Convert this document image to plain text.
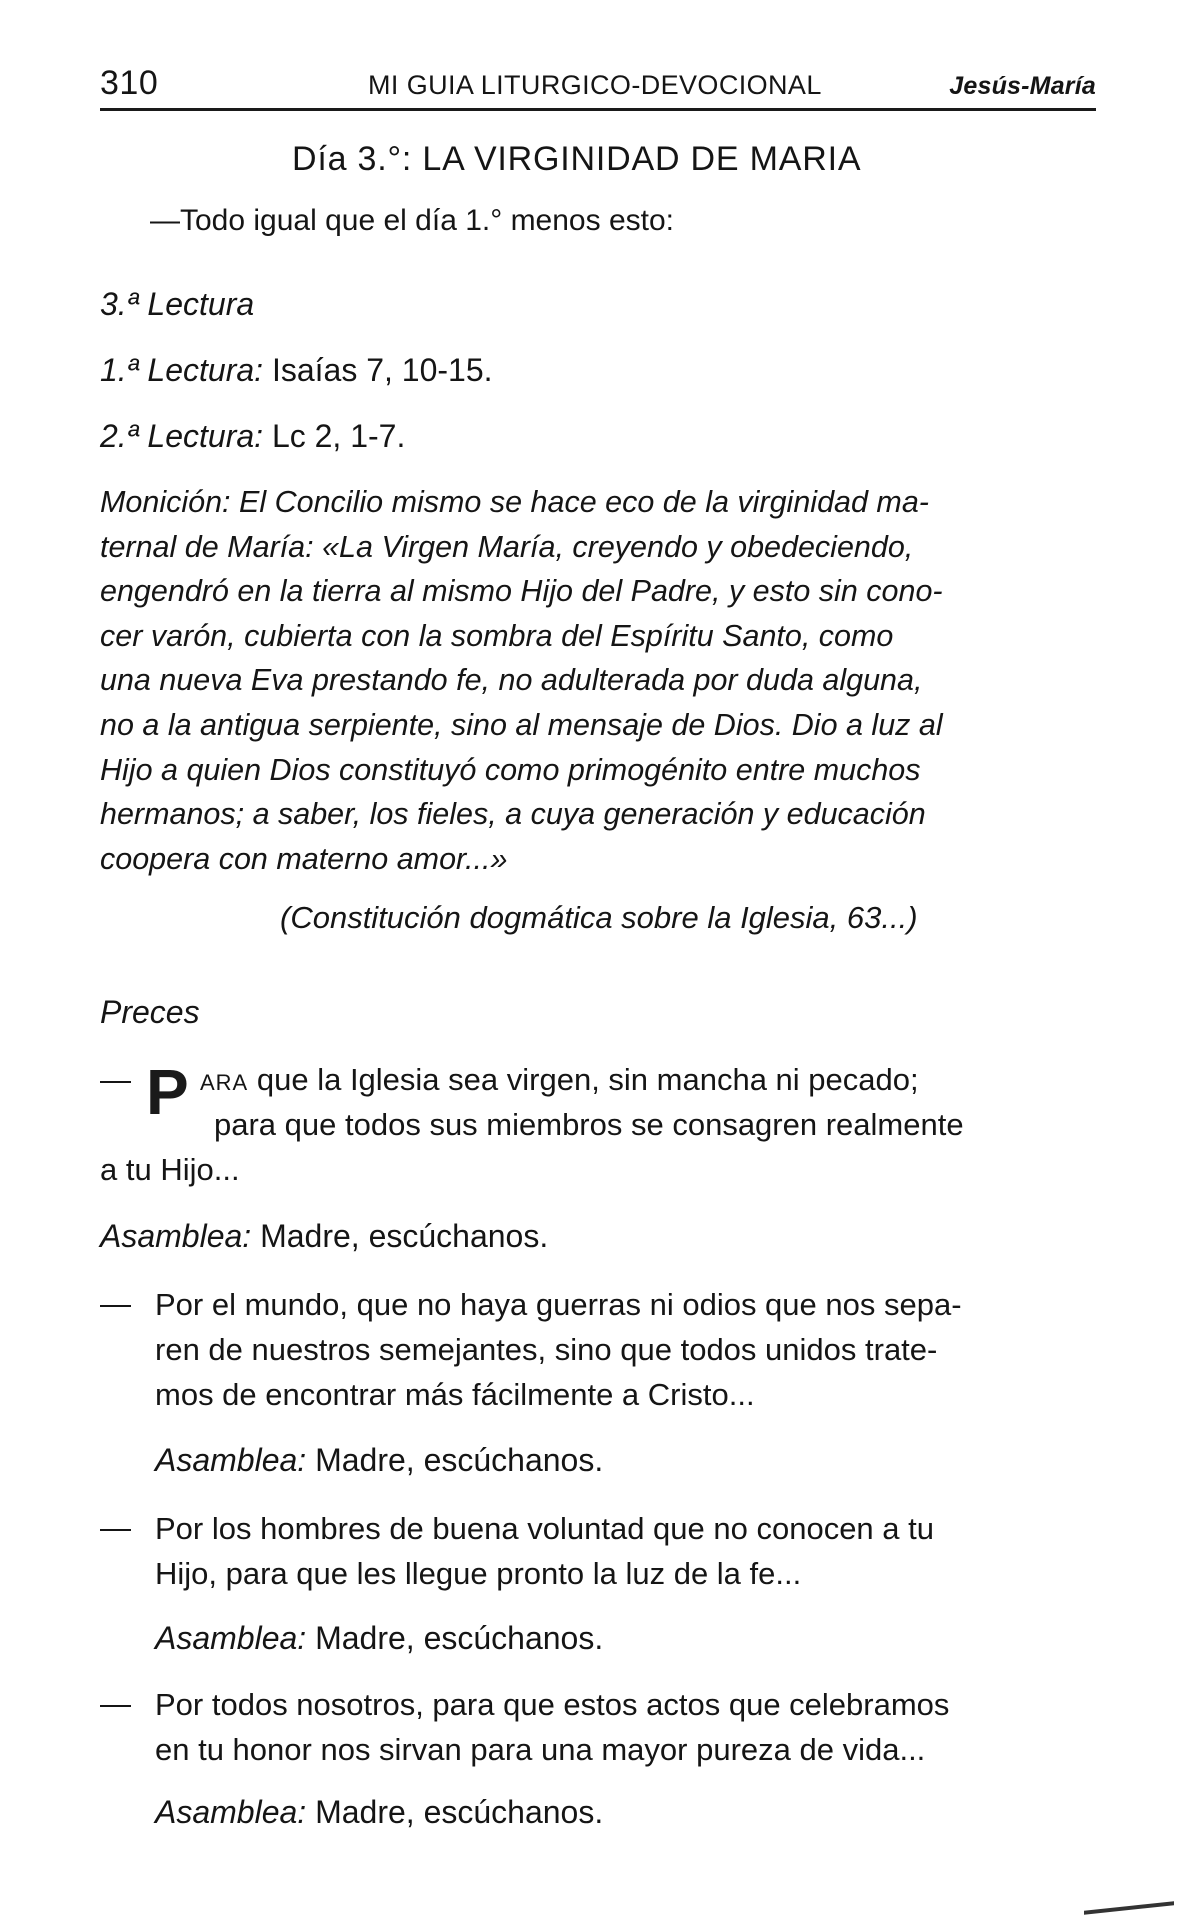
310	MI GUIA LITURGICO-DEVOCIONAL	Jesús-María
Día 3.°: LA VIRGINIDAD DE MARIA
—Todo igual que el día 1.° menos esto:
3.ª Lectura
1.ª Lectura: Isaías 7, 10-15.
2.ª Lectura: Lc 2, 1-7.
Monición: El Concilio mismo se hace eco de la virginidad ma-
ternal de María: «La Virgen María, creyendo y obedeciendo,
engendró en la tierra al mismo Hijo del Padre, y esto sin cono-
cer varón, cubierta con la sombra del Espíritu Santo, como
una nueva Eva prestando fe, no adulterada por duda alguna,
no a la antigua serpiente, sino al mensaje de Dios. Dio a luz al
Hijo a quien Dios constituyó como primogénito entre muchos
hermanos; a saber, los fieles, a cuya generación y educación
coopera con materno amor...»
(Constitución dogmática sobre la Iglesia, 63...)
Preces
— P ARA que la Iglesia sea virgen, sin mancha ni pecado;
para que todos sus miembros se consagren realmente
a tu Hijo...
Asamblea: Madre, escúchanos.
— Por el mundo, que no haya guerras ni odios que nos sepa-
ren de nuestros semejantes, sino que todos unidos trate-
mos de encontrar más fácilmente a Cristo...
Asamblea: Madre, escúchanos.
— Por los hombres de buena voluntad que no conocen a tu
Hijo, para que les llegue pronto la luz de la fe...
Asamblea: Madre, escúchanos.
— Por todos nosotros, para que estos actos que celebramos
en tu honor nos sirvan para una mayor pureza de vida...
Asamblea: Madre, escúchanos.
